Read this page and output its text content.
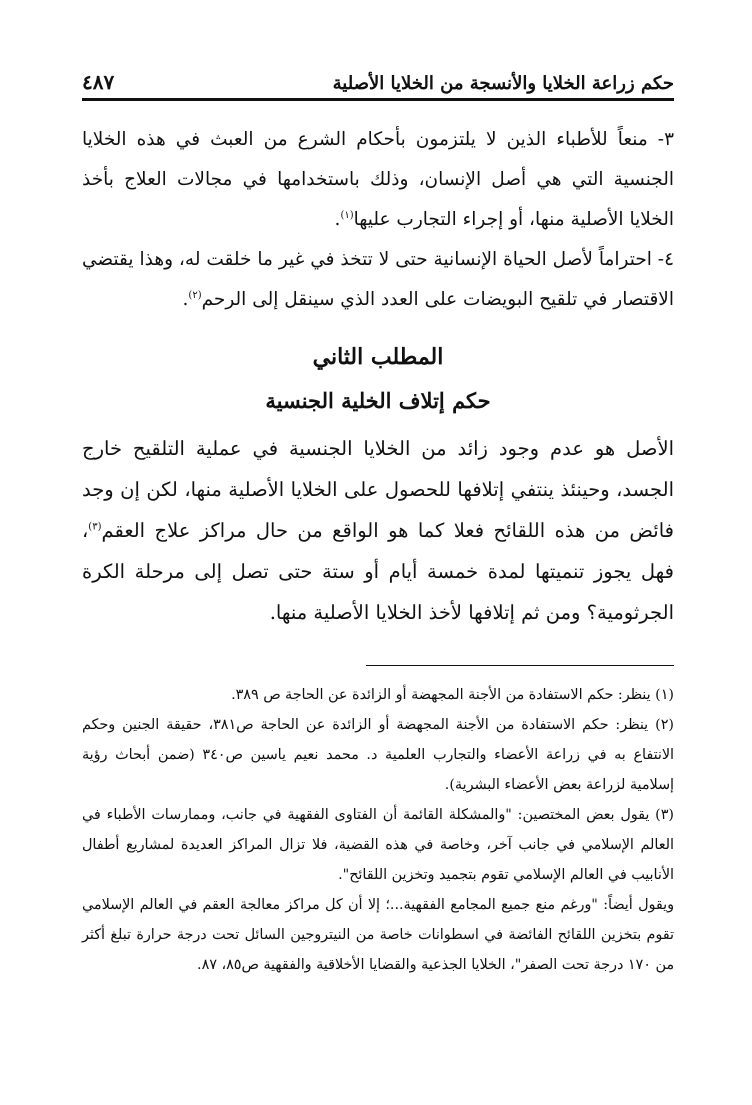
حكم زراعة الخلايا والأنسجة من الخلايا الأصلية
٤٨٧

٣- منعاً للأطباء الذين لا يلتزمون بأحكام الشرع من العبث في هذه الخلايا الجنسية التي هي أصل الإنسان، وذلك باستخدامها في مجالات العلاج بأخذ الخلايا الأصلية منها، أو إجراء التجارب عليها$^{(١)}$.

٤- احتراماً لأصل الحياة الإنسانية حتى لا تتخذ في غير ما خلقت له، وهذا يقتضي الاقتصار في تلقيح البويضات على العدد الذي سينقل إلى الرحم$^{(٢)}$.

المطلب الثاني
حكم إتلاف الخلية الجنسية

الأصل هو عدم وجود زائد من الخلايا الجنسية في عملية التلقيح خارج الجسد، وحينئذ ينتفي إتلافها للحصول على الخلايا الأصلية منها، لكن إن وجد فائض من هذه اللقائح فعلا كما هو الواقع من حال مراكز علاج العقم$^{(٣)}$، فهل يجوز تنميتها لمدة خمسة أيام أو ستة حتى تصل إلى مرحلة الكرة الجرثومية؟ ومن ثم إتلافها لأخذ الخلايا الأصلية منها.

(١) ينظر: حكم الاستفادة من الأجنة المجهضة أو الزائدة عن الحاجة ص ٣٨٩.

(٢) ينظر: حكم الاستفادة من الأجنة المجهضة أو الزائدة عن الحاجة ص٣٨١، حقيقة الجنين وحكم الانتفاع به في زراعة الأعضاء والتجارب العلمية د. محمد نعيم ياسين ص٣٤٠ (ضمن أبحاث رؤية إسلامية لزراعة بعض الأعضاء البشرية).

(٣) يقول بعض المختصين: "والمشكلة القائمة أن الفتاوى الفقهية في جانب، وممارسات الأطباء في العالم الإسلامي في جانب آخر، وخاصة في هذه القضية، فلا تزال المراكز العديدة لمشاريع أطفال الأنابيب في العالم الإسلامي تقوم بتجميد وتخزين اللقائح".

ويقول أيضاً: "ورغم منع جميع المجامع الفقهية...؛ إلا أن كل مراكز معالجة العقم في العالم الإسلامي تقوم بتخزين اللقائح الفائضة في اسطوانات خاصة من النيتروجين السائل تحت درجة حرارة تبلغ أكثر من ١٧٠ درجة تحت الصفر"، الخلايا الجذعية والقضايا الأخلاقية والفقهية ص٨٥، ٨٧.
